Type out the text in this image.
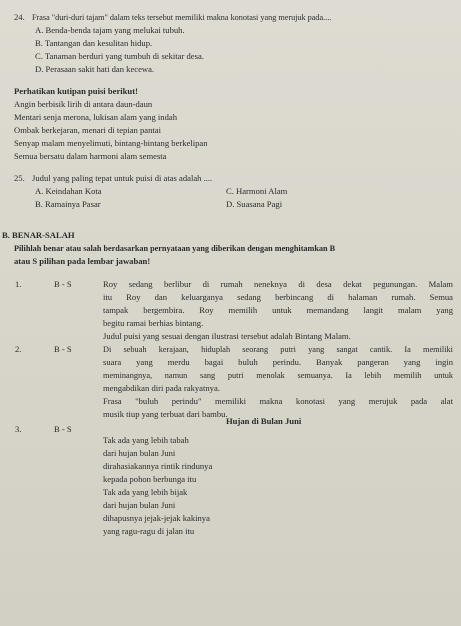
24. Frasa "duri-duri tajam" dalam teks tersebut memiliki makna konotasi yang merujuk pada....
A. Benda-benda tajam yang melukai tubuh.
B. Tantangan dan kesulitan hidup.
C. Tanaman berduri yang tumbuh di sekitar desa.
D. Perasaan sakit hati dan kecewa.
Perhatikan kutipan puisi berikut!
Angin berbisik lirih di antara daun-daun
Mentari senja merona, lukisan alam yang indah
Ombak berkejaran, menari di tepian pantai
Senyap malam menyelimuti, bintang-bintang berkelipan
Semua bersatu dalam harmoni alam semesta
25. Judul yang paling tepat untuk puisi di atas adalah ....
A. Keindahan Kota
B. Ramainya Pasar
C. Harmoni Alam
D. Suasana Pagi
B. BENAR-SALAH
Pilihlah benar atau salah berdasarkan pernyataan yang diberikan dengan menghitamkan B
atau S pilihan pada lembar jawaban!
1.	B - S	Roy sedang berlibur di rumah neneknya di desa dekat pegunungan. Malam
itu Roy dan keluarganya sedang berbincang di halaman rumah. Semua
tampak bergembira. Roy memilih untuk memandang langit malam yang
begitu ramai berhias bintang.
Judul puisi yang sesuai dengan ilustrasi tersebut adalah Bintang Malam.
2.	B - S	Di sebuah kerajaan, hiduplah seorang putri yang sangat cantik. Ia memiliki
suara yang merdu bagai buluh perindu. Banyak pangeran yang ingin
meminangnya, namun sang putri menolak semuanya. Ia lebih memilih untuk
mengabdikan diri pada rakyatnya.
Frasa "buluh perindu" memiliki makna konotasi yang merujuk pada alat
musik tiup yang terbuat dari bambu.
3.	B - S
Hujan di Bulan Juni
Tak ada yang lebih tabah
dari hujan bulan Juni
dirahasiakannya rintik rindunya
kepada pohon berbunga itu
Tak ada yang lebih bijak
dari hujan bulan Juni
dihapusnya jejak-jejak kakinya
yang ragu-ragu di jalan itu
